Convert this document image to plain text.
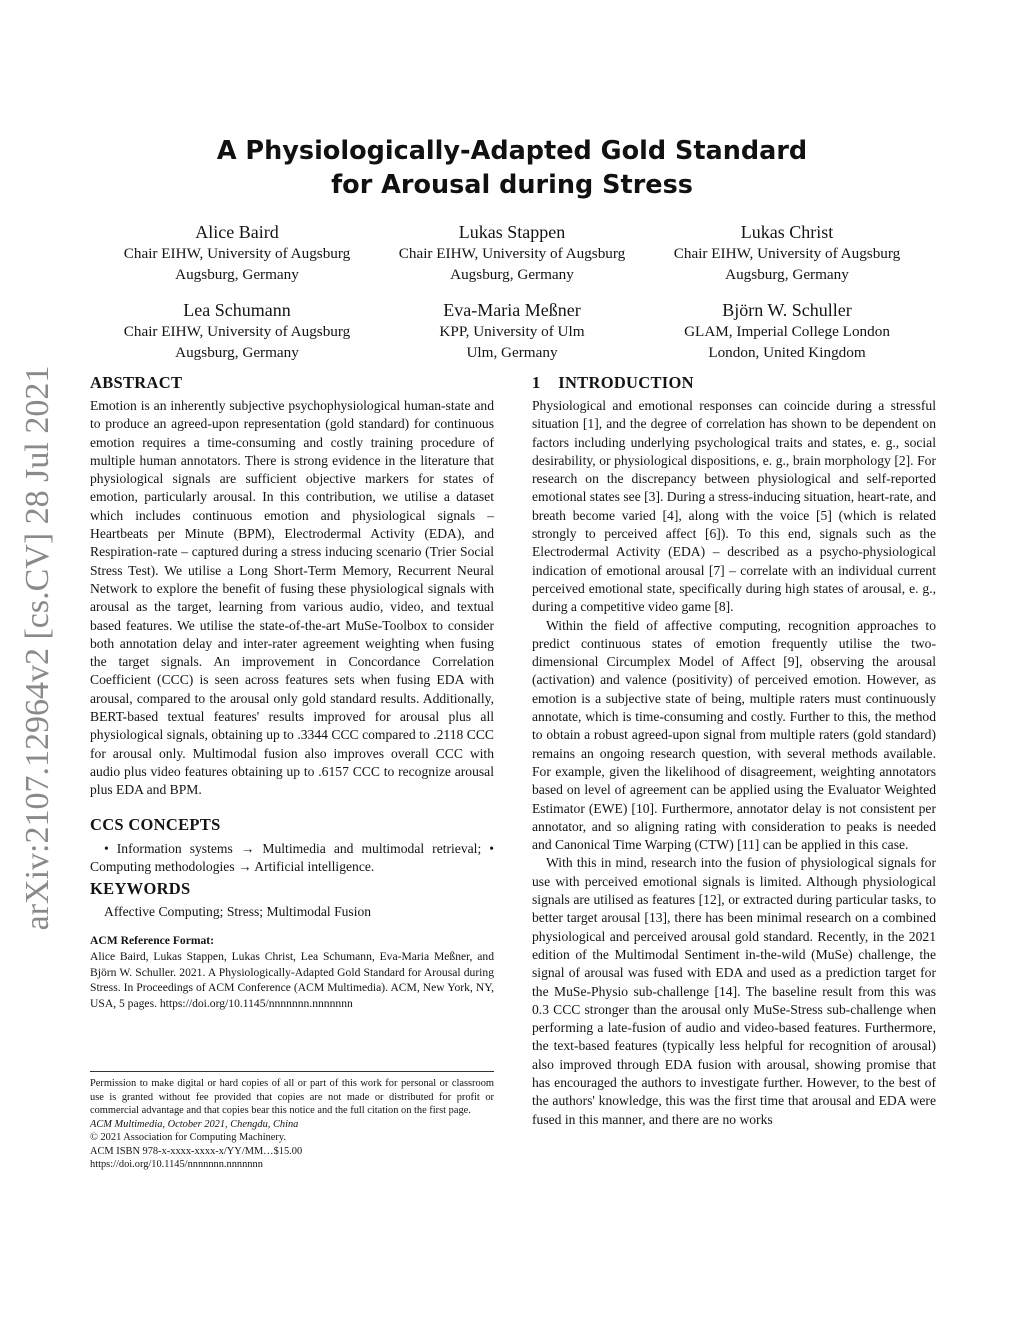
arXiv:2107.12964v2 [cs.CV] 28 Jul 2021
A Physiologically-Adapted Gold Standard
for Arousal during Stress
Alice Baird
Chair EIHW, University of Augsburg
Augsburg, Germany
Lukas Stappen
Chair EIHW, University of Augsburg
Augsburg, Germany
Lukas Christ
Chair EIHW, University of Augsburg
Augsburg, Germany
Lea Schumann
Chair EIHW, University of Augsburg
Augsburg, Germany
Eva-Maria Meßner
KPP, University of Ulm
Ulm, Germany
Björn W. Schuller
GLAM, Imperial College London
London, United Kingdom
ABSTRACT
Emotion is an inherently subjective psychophysiological human-state and to produce an agreed-upon representation (gold standard) for continuous emotion requires a time-consuming and costly training procedure of multiple human annotators. There is strong evidence in the literature that physiological signals are sufficient objective markers for states of emotion, particularly arousal. In this contribution, we utilise a dataset which includes continuous emotion and physiological signals – Heartbeats per Minute (BPM), Electrodermal Activity (EDA), and Respiration-rate – captured during a stress inducing scenario (Trier Social Stress Test). We utilise a Long Short-Term Memory, Recurrent Neural Network to explore the benefit of fusing these physiological signals with arousal as the target, learning from various audio, video, and textual based features. We utilise the state-of-the-art MuSe-Toolbox to consider both annotation delay and inter-rater agreement weighting when fusing the target signals. An improvement in Concordance Correlation Coefficient (CCC) is seen across features sets when fusing EDA with arousal, compared to the arousal only gold standard results. Additionally, BERT-based textual features' results improved for arousal plus all physiological signals, obtaining up to .3344 CCC compared to .2118 CCC for arousal only. Multimodal fusion also improves overall CCC with audio plus video features obtaining up to .6157 CCC to recognize arousal plus EDA and BPM.
CCS CONCEPTS
• Information systems → Multimedia and multimodal retrieval; • Computing methodologies → Artificial intelligence.
KEYWORDS
Affective Computing; Stress; Multimodal Fusion
ACM Reference Format:
Alice Baird, Lukas Stappen, Lukas Christ, Lea Schumann, Eva-Maria Meßner, and Björn W. Schuller. 2021. A Physiologically-Adapted Gold Standard for Arousal during Stress. In Proceedings of ACM Conference (ACM Multimedia). ACM, New York, NY, USA, 5 pages. https://doi.org/10.1145/nnnnnnn.nnnnnnn
Permission to make digital or hard copies of all or part of this work for personal or classroom use is granted without fee provided that copies are not made or distributed for profit or commercial advantage and that copies bear this notice and the full citation on the first page.
ACM Multimedia, October 2021, Chengdu, China
© 2021 Association for Computing Machinery.
ACM ISBN 978-x-xxxx-xxxx-x/YY/MM…$15.00
https://doi.org/10.1145/nnnnnnn.nnnnnnn
1    INTRODUCTION
Physiological and emotional responses can coincide during a stressful situation [1], and the degree of correlation has shown to be dependent on factors including underlying psychological traits and states, e. g., social desirability, or physiological dispositions, e. g., brain morphology [2]. For research on the discrepancy between physiological and self-reported emotional states see [3]. During a stress-inducing situation, heart-rate, and breath become varied [4], along with the voice [5] (which is related strongly to perceived affect [6]). To this end, signals such as the Electrodermal Activity (EDA) – described as a psycho-physiological indication of emotional arousal [7] – correlate with an individual current perceived emotional state, specifically during high states of arousal, e. g., during a competitive video game [8].
Within the field of affective computing, recognition approaches to predict continuous states of emotion frequently utilise the two-dimensional Circumplex Model of Affect [9], observing the arousal (activation) and valence (positivity) of perceived emotion. However, as emotion is a subjective state of being, multiple raters must continuously annotate, which is time-consuming and costly. Further to this, the method to obtain a robust agreed-upon signal from multiple raters (gold standard) remains an ongoing research question, with several methods available. For example, given the likelihood of disagreement, weighting annotators based on level of agreement can be applied using the Evaluator Weighted Estimator (EWE) [10]. Furthermore, annotator delay is not consistent per annotator, and so aligning rating with consideration to peaks is needed and Canonical Time Warping (CTW) [11] can be applied in this case.
With this in mind, research into the fusion of physiological signals for use with perceived emotional signals is limited. Although physiological signals are utilised as features [12], or extracted during particular tasks, to better target arousal [13], there has been minimal research on a combined physiological and perceived arousal gold standard. Recently, in the 2021 edition of the Multimodal Sentiment in-the-wild (MuSe) challenge, the signal of arousal was fused with EDA and used as a prediction target for the MuSe-Physio sub-challenge [14]. The baseline result from this was 0.3 CCC stronger than the arousal only MuSe-Stress sub-challenge when performing a late-fusion of audio and video-based features. Furthermore, the text-based features (typically less helpful for recognition of arousal) also improved through EDA fusion with arousal, showing promise that has encouraged the authors to investigate further. However, to the best of the authors' knowledge, this was the first time that arousal and EDA were fused in this manner, and there are no works
